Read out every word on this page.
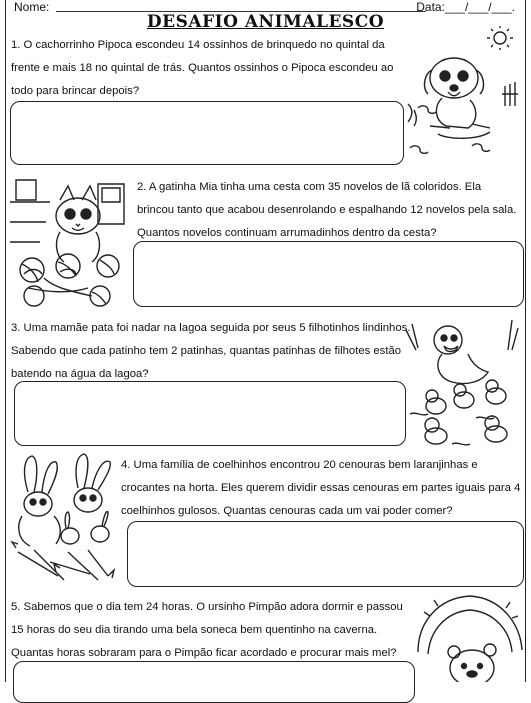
Nome:	Data:___/___/___.
DESAFIO ANIMALESCO
1. O cachorrinho Pipoca escondeu 14 ossinhos de brinquedo no quintal da frente e mais 18 no quintal de trás. Quantos ossinhos o Pipoca escondeu ao todo para brincar depois?
2. A gatinha Mia tinha uma cesta com 35 novelos de lã coloridos. Ela brincou tanto que acabou desenrolando e espalhando 12 novelos pela sala. Quantos novelos continuam arrumadinhos dentro da cesta?
3. Uma mamãe pata foi nadar na lagoa seguida por seus 5 filhotinhos lindinhos. Sabendo que cada patinho tem 2 patinhas, quantas patinhas de filhotes estão batendo na água da lagoa?
4. Uma família de coelhinhos encontrou 20 cenouras bem laranjinhas e crocantes na horta. Eles querem dividir essas cenouras em partes iguais para 4 coelhinhos gulosos. Quantas cenouras cada um vai poder comer?
5. Sabemos que o dia tem 24 horas. O ursinho Pimpão adora dormir e passou 15 horas do seu dia tirando uma bela soneca bem quentinho na caverna. Quantas horas sobraram para o Pimpão ficar acordado e procurar mais mel?
